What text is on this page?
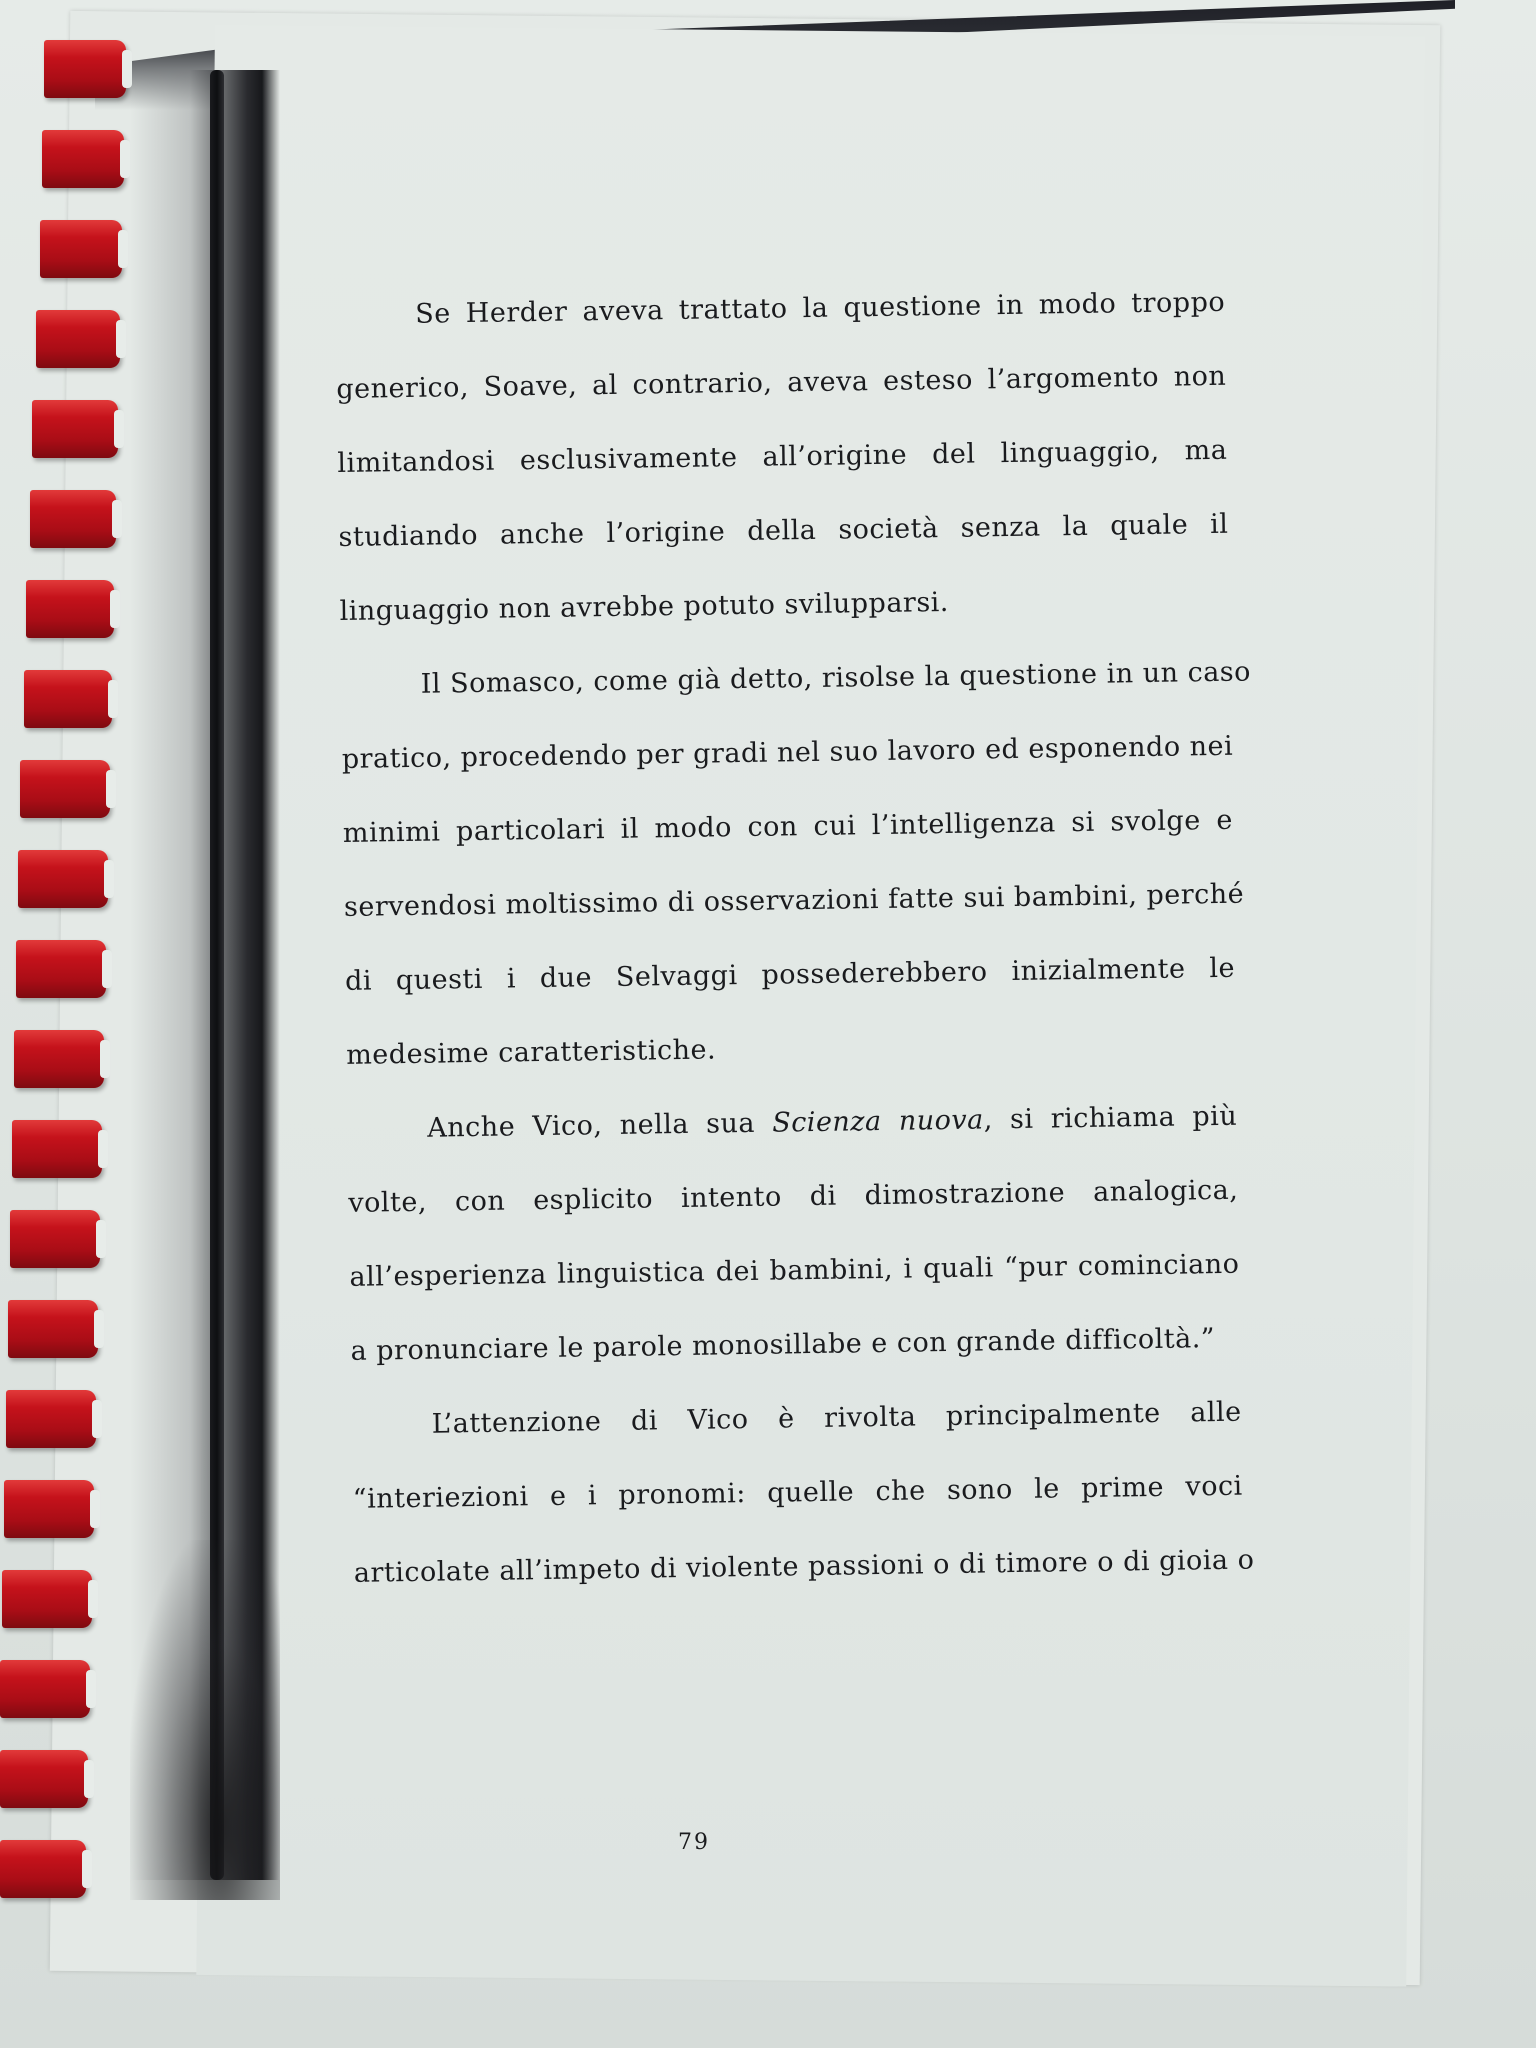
Se Herder aveva trattato la questione in modo troppo
generico, Soave, al contrario, aveva esteso l’argomento non
limitandosi esclusivamente all’origine del linguaggio, ma
studiando anche l’origine della società senza la quale il
linguaggio non avrebbe potuto svilupparsi.
Il Somasco, come già detto, risolse la questione in un caso
pratico, procedendo per gradi nel suo lavoro ed esponendo nei
minimi particolari il modo con cui l’intelligenza si svolge e
servendosi moltissimo di osservazioni fatte sui bambini, perché
di questi i due Selvaggi possederebbero inizialmente le
medesime caratteristiche.
Anche Vico, nella sua Scienza nuova, si richiama più
volte, con esplicito intento di dimostrazione analogica,
all’esperienza linguistica dei bambini, i quali “pur cominciano
a pronunciare le parole monosillabe e con grande difficoltà.”
L’attenzione di Vico è rivolta principalmente alle
“interiezioni e i pronomi: quelle che sono le prime voci
articolate all’impeto di violente passioni o di timore o di gioia o
79
